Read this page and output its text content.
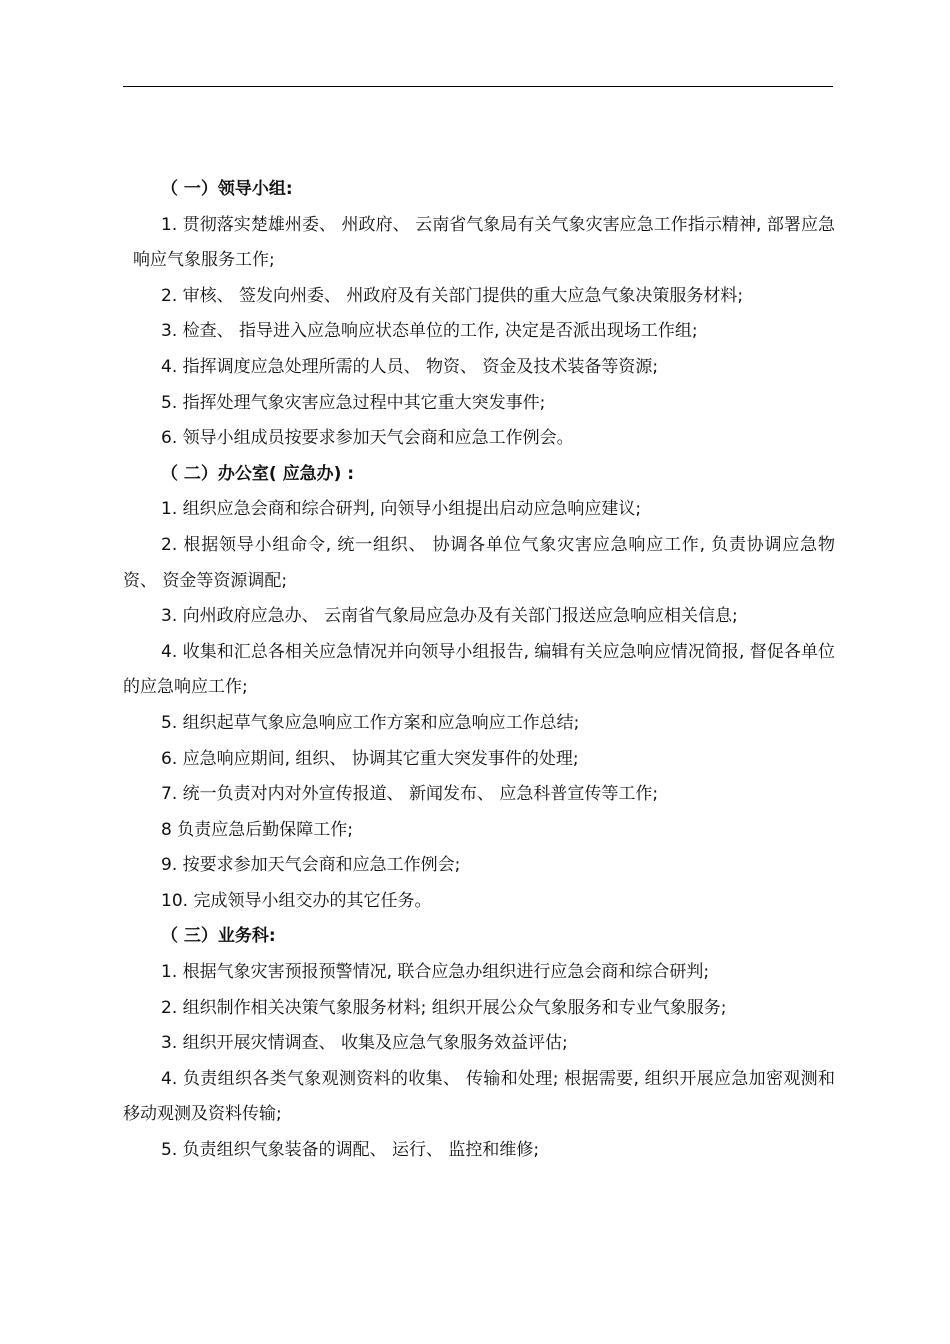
（ 一）领导小组:
1. 贯彻落实楚雄州委、 州政府、 云南省气象局有关气象灾害应急工作指示精神, 部署应急响应气象服务工作;
2. 审核、 签发向州委、 州政府及有关部门提供的重大应急气象决策服务材料;
3. 检查、 指导进入应急响应状态单位的工作, 决定是否派出现场工作组;
4. 指挥调度应急处理所需的人员、 物资、 资金及技术装备等资源;
5. 指挥处理气象灾害应急过程中其它重大突发事件;
6. 领导小组成员按要求参加天气会商和应急工作例会。
（ 二）办公室( 应急办) :
1. 组织应急会商和综合研判, 向领导小组提出启动应急响应建议;
2. 根据领导小组命令, 统一组织、 协调各单位气象灾害应急响应工作, 负责协调应急物资、 资金等资源调配;
3. 向州政府应急办、 云南省气象局应急办及有关部门报送应急响应相关信息;
4. 收集和汇总各相关应急情况并向领导小组报告, 编辑有关应急响应情况简报, 督促各单位的应急响应工作;
5. 组织起草气象应急响应工作方案和应急响应工作总结;
6. 应急响应期间, 组织、 协调其它重大突发事件的处理;
7. 统一负责对内对外宣传报道、 新闻发布、 应急科普宣传等工作;
8 负责应急后勤保障工作;
9. 按要求参加天气会商和应急工作例会;
10. 完成领导小组交办的其它任务。
（ 三）业务科:
1. 根据气象灾害预报预警情况, 联合应急办组织进行应急会商和综合研判;
2. 组织制作相关决策气象服务材料; 组织开展公众气象服务和专业气象服务;
3. 组织开展灾情调查、 收集及应急气象服务效益评估;
4. 负责组织各类气象观测资料的收集、 传输和处理; 根据需要, 组织开展应急加密观测和移动观测及资料传输;
5. 负责组织气象装备的调配、 运行、 监控和维修;
